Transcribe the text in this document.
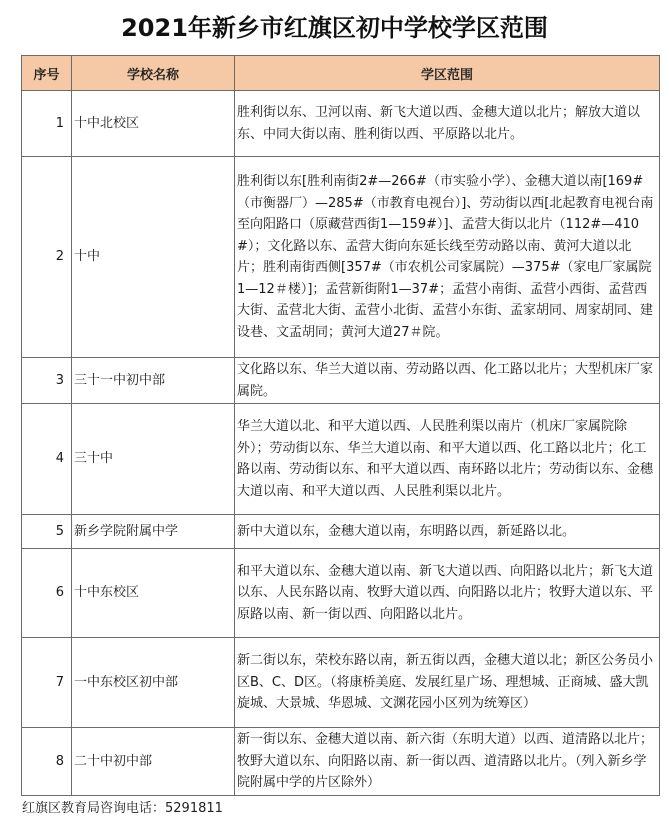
2021年新乡市红旗区初中学校学区范围
序号	学校名称	学区范围
1	十中北校区	胜利街以东、卫河以南、新飞大道以西、金穗大道以北片；解放大道以东、中同大街以南、胜利街以西、平原路以北片。
2	十中	胜利街以东[胜利南街2#—266#（市实验小学）、金穗大道以南[169#（市衡器厂）—285#（市教育电视台）]、劳动街以西[北起教育电视台南至向阳路口（原藏营西街1—159#）]、孟营大街以北片（112#—410#）；文化路以东、孟营大街向东延长线至劳动路以南、黄河大道以北片；胜利南街西侧[357#（市农机公司家属院）—375#（家电厂家属院1—12＃楼）]；孟营新街附1—37#；孟营小南街、孟营小西街、孟营西大街、孟营北大街、孟营小北街、孟营小东街、孟家胡同、周家胡同、建设巷、文孟胡同；黄河大道27＃院。
3	三十一中初中部	文化路以东、华兰大道以南、劳动路以西、化工路以北片；大型机床厂家属院。
4	三十中	华兰大道以北、和平大道以西、人民胜利渠以南片（机床厂家属院除外）；劳动街以东、华兰大道以南、和平大道以西、化工路以北片；化工路以南、劳动街以东、和平大道以西、南环路以北片；劳动街以东、金穗大道以南、和平大道以西、人民胜利渠以北片。
5	新乡学院附属中学	新中大道以东，金穗大道以南，东明路以西，新延路以北。
6	十中东校区	和平大道以东、金穗大道以南、新飞大道以西、向阳路以北片；新飞大道以东、人民东路以南、牧野大道以西、向阳路以北片；牧野大道以东、平原路以南、新一街以西、向阳路以北片。
7	一中东校区初中部	新二街以东，荣校东路以南，新五街以西，金穗大道以北；新区公务员小区B、C、D区。（将康桥美庭、发展红星广场、理想城、正商城、盛大凯旋城、大景城、华恩城、文渊花园小区列为统筹区）
8	二十中初中部	新一街以东、金穗大道以南、新六街（东明大道）以西、道清路以北片；牧野大道以东、向阳路以南、新一街以西、道清路以北片。（列入新乡学院附属中学的片区除外）
红旗区教育局咨询电话：5291811
